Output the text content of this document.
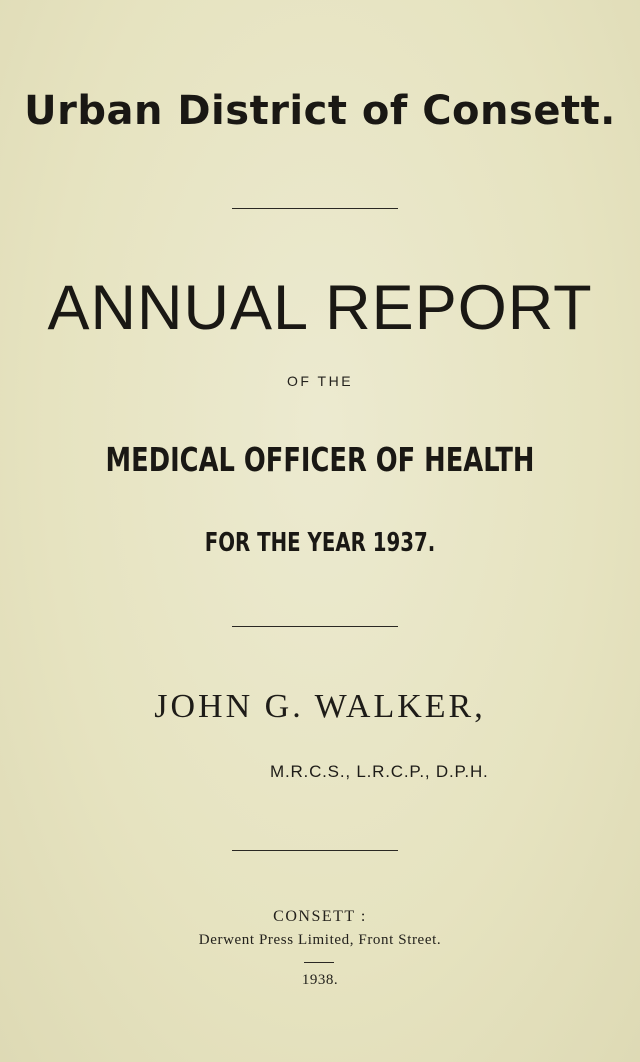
Urban District of Consett.
ANNUAL REPORT
OF THE
MEDICAL OFFICER OF HEALTH
FOR THE YEAR 1937.
JOHN G. WALKER,
M.R.C.S., L.R.C.P., D.P.H.
CONSETT :
Derwent Press Limited, Front Street.
1938.
